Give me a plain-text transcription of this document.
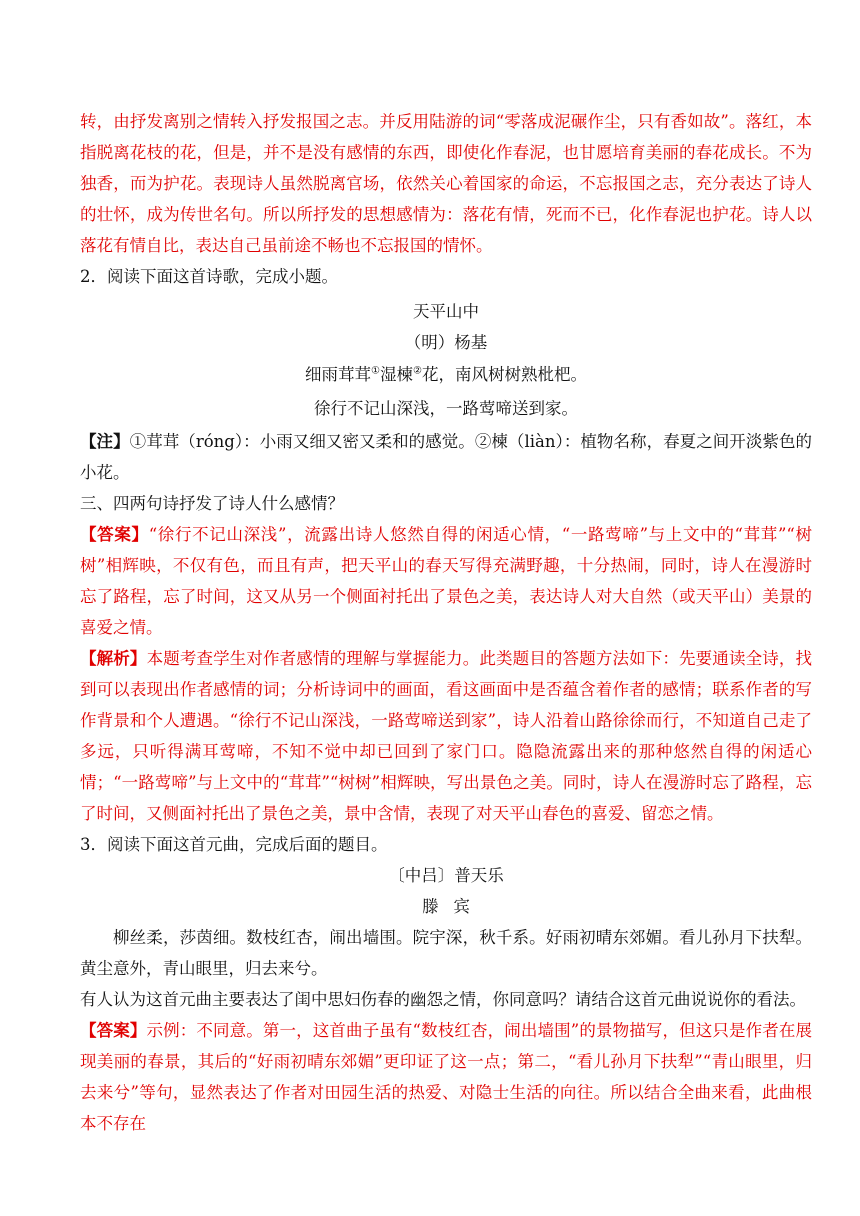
转，由抒发离别之情转入抒发报国之志。并反用陆游的词“零落成泥碾作尘，只有香如故”。落红，本指脱离花枝的花，但是，并不是没有感情的东西，即使化作春泥，也甘愿培育美丽的春花成长。不为独香，而为护花。表现诗人虽然脱离官场，依然关心着国家的命运，不忘报国之志，充分表达了诗人的壮怀，成为传世名句。所以所抒发的思想感情为：落花有情，死而不已，化作春泥也护花。诗人以落花有情自比，表达自己虽前途不畅也不忘报国的情怀。

2．阅读下面这首诗歌，完成小题。

天平山中

（明）杨基

细雨茸茸①湿楝②花，南风树树熟枇杷。

徐行不记山深浅，一路莺啼送到家。

【注】①茸茸（róng）：小雨又细又密又柔和的感觉。②楝（liàn）：植物名称，春夏之间开淡紫色的小花。

三、四两句诗抒发了诗人什么感情？

【答案】“徐行不记山深浅”，流露出诗人悠然自得的闲适心情，“一路莺啼”与上文中的“茸茸”“树树”相辉映，不仅有色，而且有声，把天平山的春天写得充满野趣，十分热闹，同时，诗人在漫游时忘了路程，忘了时间，这又从另一个侧面衬托出了景色之美，表达诗人对大自然（或天平山）美景的喜爱之情。

【解析】本题考查学生对作者感情的理解与掌握能力。此类题目的答题方法如下：先要通读全诗，找到可以表现出作者感情的词；分析诗词中的画面，看这画面中是否蕴含着作者的感情；联系作者的写作背景和个人遭遇。“徐行不记山深浅，一路莺啼送到家”，诗人沿着山路徐徐而行，不知道自己走了多远，只听得满耳莺啼，不知不觉中却已回到了家门口。隐隐流露出来的那种悠然自得的闲适心情；“一路莺啼”与上文中的“茸茸”“树树”相辉映，写出景色之美。同时，诗人在漫游时忘了路程，忘了时间，又侧面衬托出了景色之美，景中含情，表现了对天平山春色的喜爱、留恋之情。

3．阅读下面这首元曲，完成后面的题目。

〔中吕〕普天乐

滕宾

柳丝柔，莎茵细。数枝红杏，闹出墙围。院宇深，秋千系。好雨初晴东郊媚。看儿孙月下扶犁。黄尘意外，青山眼里，归去来兮。

有人认为这首元曲主要表达了闺中思妇伤春的幽怨之情，你同意吗？请结合这首元曲说说你的看法。

【答案】示例：不同意。第一，这首曲子虽有“数枝红杏，闹出墙围”的景物描写，但这只是作者在展现美丽的春景，其后的“好雨初晴东郊媚”更印证了这一点；第二，“看儿孙月下扶犁”“青山眼里，归去来兮”等句，显然表达了作者对田园生活的热爱、对隐士生活的向往。所以结合全曲来看，此曲根本不存在
